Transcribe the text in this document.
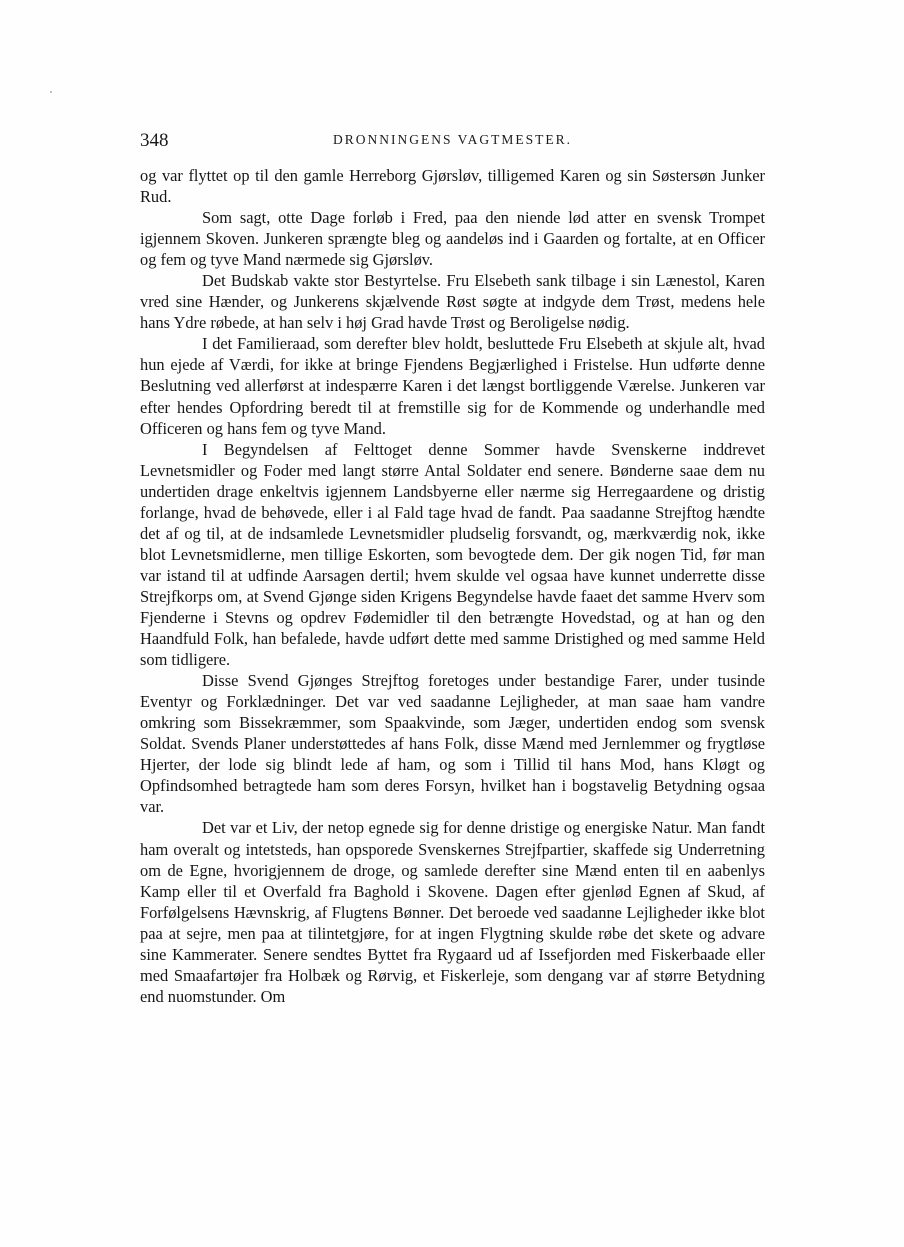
348	DRONNINGENS VAGTMESTER.

og var flyttet op til den gamle Herreborg Gjørsløv, tilligemed Karen og sin Søstersøn Junker Rud.

Som sagt, otte Dage forløb i Fred, paa den niende lød atter en svensk Trompet igjennem Skoven. Junkeren sprængte bleg og aandeløs ind i Gaarden og fortalte, at en Officer og fem og tyve Mand nærmede sig Gjørsløv.

Det Budskab vakte stor Bestyrtelse. Fru Elsebeth sank tilbage i sin Lænestol, Karen vred sine Hænder, og Junkerens skjælvende Røst søgte at indgyde dem Trøst, medens hele hans Ydre røbede, at han selv i høj Grad havde Trøst og Beroligelse nødig.

I det Familieraad, som derefter blev holdt, besluttede Fru Elsebeth at skjule alt, hvad hun ejede af Værdi, for ikke at bringe Fjendens Begjærlighed i Fristelse. Hun udførte denne Beslutning ved allerførst at indespærre Karen i det længst bortliggende Værelse. Junkeren var efter hendes Opfordring beredt til at fremstille sig for de Kommende og underhandle med Officeren og hans fem og tyve Mand.

I Begyndelsen af Felttoget denne Sommer havde Svenskerne inddrevet Levnetsmidler og Foder med langt større Antal Soldater end senere. Bønderne saae dem nu undertiden drage enkeltvis igjennem Landsbyerne eller nærme sig Herregaardene og dristig forlange, hvad de behøvede, eller i al Fald tage hvad de fandt. Paa saadanne Strejftog hændte det af og til, at de indsamlede Levnetsmidler pludselig forsvandt, og, mærkværdig nok, ikke blot Levnetsmidlerne, men tillige Eskorten, som bevogtede dem. Der gik nogen Tid, før man var istand til at udfinde Aarsagen dertil; hvem skulde vel ogsaa have kunnet underrette disse Strejfkorps om, at Svend Gjønge siden Krigens Begyndelse havde faaet det samme Hverv som Fjenderne i Stevns og opdrev Fødemidler til den betrængte Hovedstad, og at han og den Haandfuld Folk, han befalede, havde udført dette med samme Dristighed og med samme Held som tidligere.

Disse Svend Gjønges Strejftog foretoges under bestandige Farer, under tusinde Eventyr og Forklædninger. Det var ved saadanne Lejligheder, at man saae ham vandre omkring som Bissekræmmer, som Spaakvinde, som Jæger, undertiden endog som svensk Soldat. Svends Planer understøttedes af hans Folk, disse Mænd med Jernlemmer og frygtløse Hjerter, der lode sig blindt lede af ham, og som i Tillid til hans Mod, hans Kløgt og Opfindsomhed betragtede ham som deres Forsyn, hvilket han i bogstavelig Betydning ogsaa var.

Det var et Liv, der netop egnede sig for denne dristige og energiske Natur. Man fandt ham overalt og intetsteds, han opsporede Svenskernes Strejfpartier, skaffede sig Underretning om de Egne, hvorigjennem de droge, og samlede derefter sine Mænd enten til en aabenlys Kamp eller til et Overfald fra Baghold i Skovene. Dagen efter gjenlød Egnen af Skud, af Forfølgelsens Hævnskrig, af Flugtens Bønner. Det beroede ved saadanne Lejligheder ikke blot paa at sejre, men paa at tilintetgjøre, for at ingen Flygtning skulde røbe det skete og advare sine Kammerater. Senere sendtes Byttet fra Rygaard ud af Issefjorden med Fiskerbaade eller med Smaafartøjer fra Holbæk og Rørvig, et Fiskerleje, som dengang var af større Betydning end nuomstunder. Om
